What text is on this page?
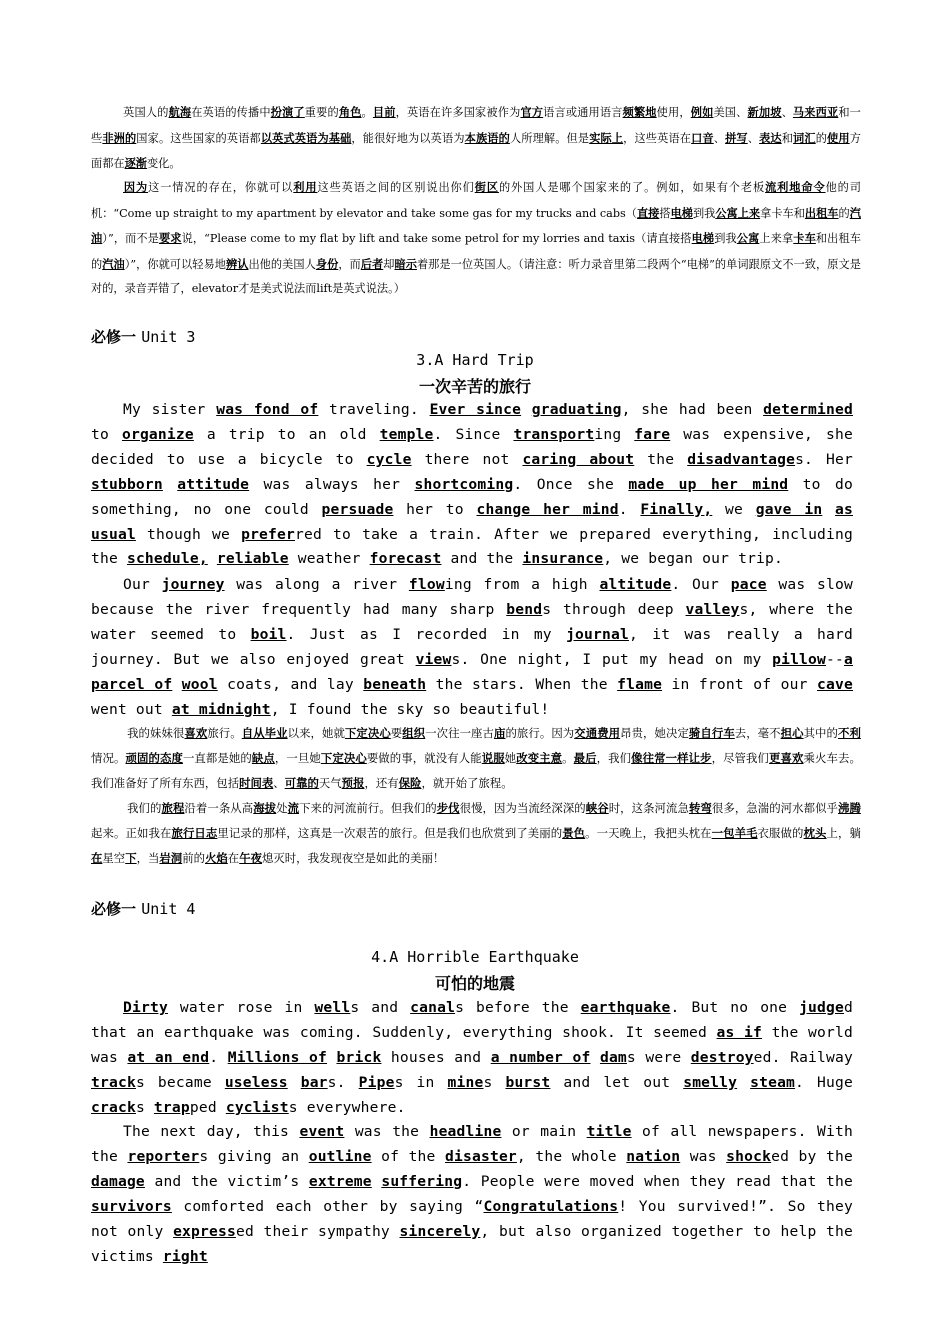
英国人的航海在英语的传播中扮演了重要的角色。目前，英语在许多国家被作为官方语言或通用语言频繁地使用，例如美国、新加坡、马来西亚和一些非洲的国家。这些国家的英语都以英式英语为基础，能很好地为以英语为本族语的人所理解。但是实际上，这些英语在口音、拼写、表达和词汇的使用方面都在逐渐变化。

因为这一情况的存在，你就可以利用这些英语之间的区别说出你们街区的外国人是哪个国家来的了。例如，如果有个老板流利地命令他的司机：“Come up straight to my apartment by elevator and take some gas for my trucks and cabs（直接搭电梯到我公寓上来拿卡车和出租车的汽油）”，而不是要求说，“Please come to my flat by lift and take some petrol for my lorries and taxis（请直接搭电梯到我公寓上来拿卡车和出租车的汽油）”，你就可以轻易地辨认出他的美国人身份，而后者却暗示着那是一位英国人。（请注意：听力录音里第二段两个“电梯”的单词跟原文不一致，原文是对的，录音弄错了，elevator才是美式说法而lift是英式说法。）

必修一 Unit 3

3.A Hard Trip

一次辛苦的旅行

My sister was fond of traveling. Ever since graduating, she had been determined to organize a trip to an old temple. Since transporting fare was expensive, she decided to use a bicycle to cycle there not caring about the disadvantages. Her stubborn attitude was always her shortcoming. Once she made up her mind to do something, no one could persuade her to change her mind. Finally, we gave in as usual though we preferred to take a train. After we prepared everything, including the schedule, reliable weather forecast and the insurance, we began our trip.

Our journey was along a river flowing from a high altitude. Our pace was slow because the river frequently had many sharp bends through deep valleys, where the water seemed to boil. Just as I recorded in my journal, it was really a hard journey. But we also enjoyed great views. One night, I put my head on my pillow--a parcel of wool coats, and lay beneath the stars. When the flame in front of our cave went out at midnight, I found the sky so beautiful!

我的妹妹很喜欢旅行。自从毕业以来，她就下定决心要组织一次往一座古庙的旅行。因为交通费用昂贵，她决定骑自行车去，毫不担心其中的不利情况。顽固的态度一直都是她的缺点，一旦她下定决心要做的事，就没有人能说服她改变主意。最后，我们像往常一样让步，尽管我们更喜欢乘火车去。我们准备好了所有东西，包括时间表、可靠的天气预报，还有保险，就开始了旅程。

我们的旅程沿着一条从高海拔处流下来的河流前行。但我们的步伐很慢，因为当流经深深的峡谷时，这条河流急转弯很多，急湍的河水都似乎沸腾起来。正如我在旅行日志里记录的那样，这真是一次艰苦的旅行。但是我们也欣赏到了美丽的景色。一天晚上，我把头枕在一包羊毛衣服做的枕头上，躺在星空下，当岩洞前的火焰在午夜熄灭时，我发现夜空是如此的美丽！

必修一 Unit 4

4.A Horrible Earthquake

可怕的地震

Dirty water rose in wells and canals before the earthquake. But no one judged that an earthquake was coming. Suddenly, everything shook. It seemed as if the world was at an end. Millions of brick houses and a number of dams were destroyed. Railway tracks became useless bars. Pipes in mines burst and let out smelly steam. Huge cracks trapped cyclists everywhere.

The next day, this event was the headline or main title of all newspapers. With the reporters giving an outline of the disaster, the whole nation was shocked by the damage and the victim’s extreme suffering. People were moved when they read that the survivors comforted each other by saying “Congratulations! You survived!”. So they not only expressed their sympathy sincerely, but also organized together to help the victims right
